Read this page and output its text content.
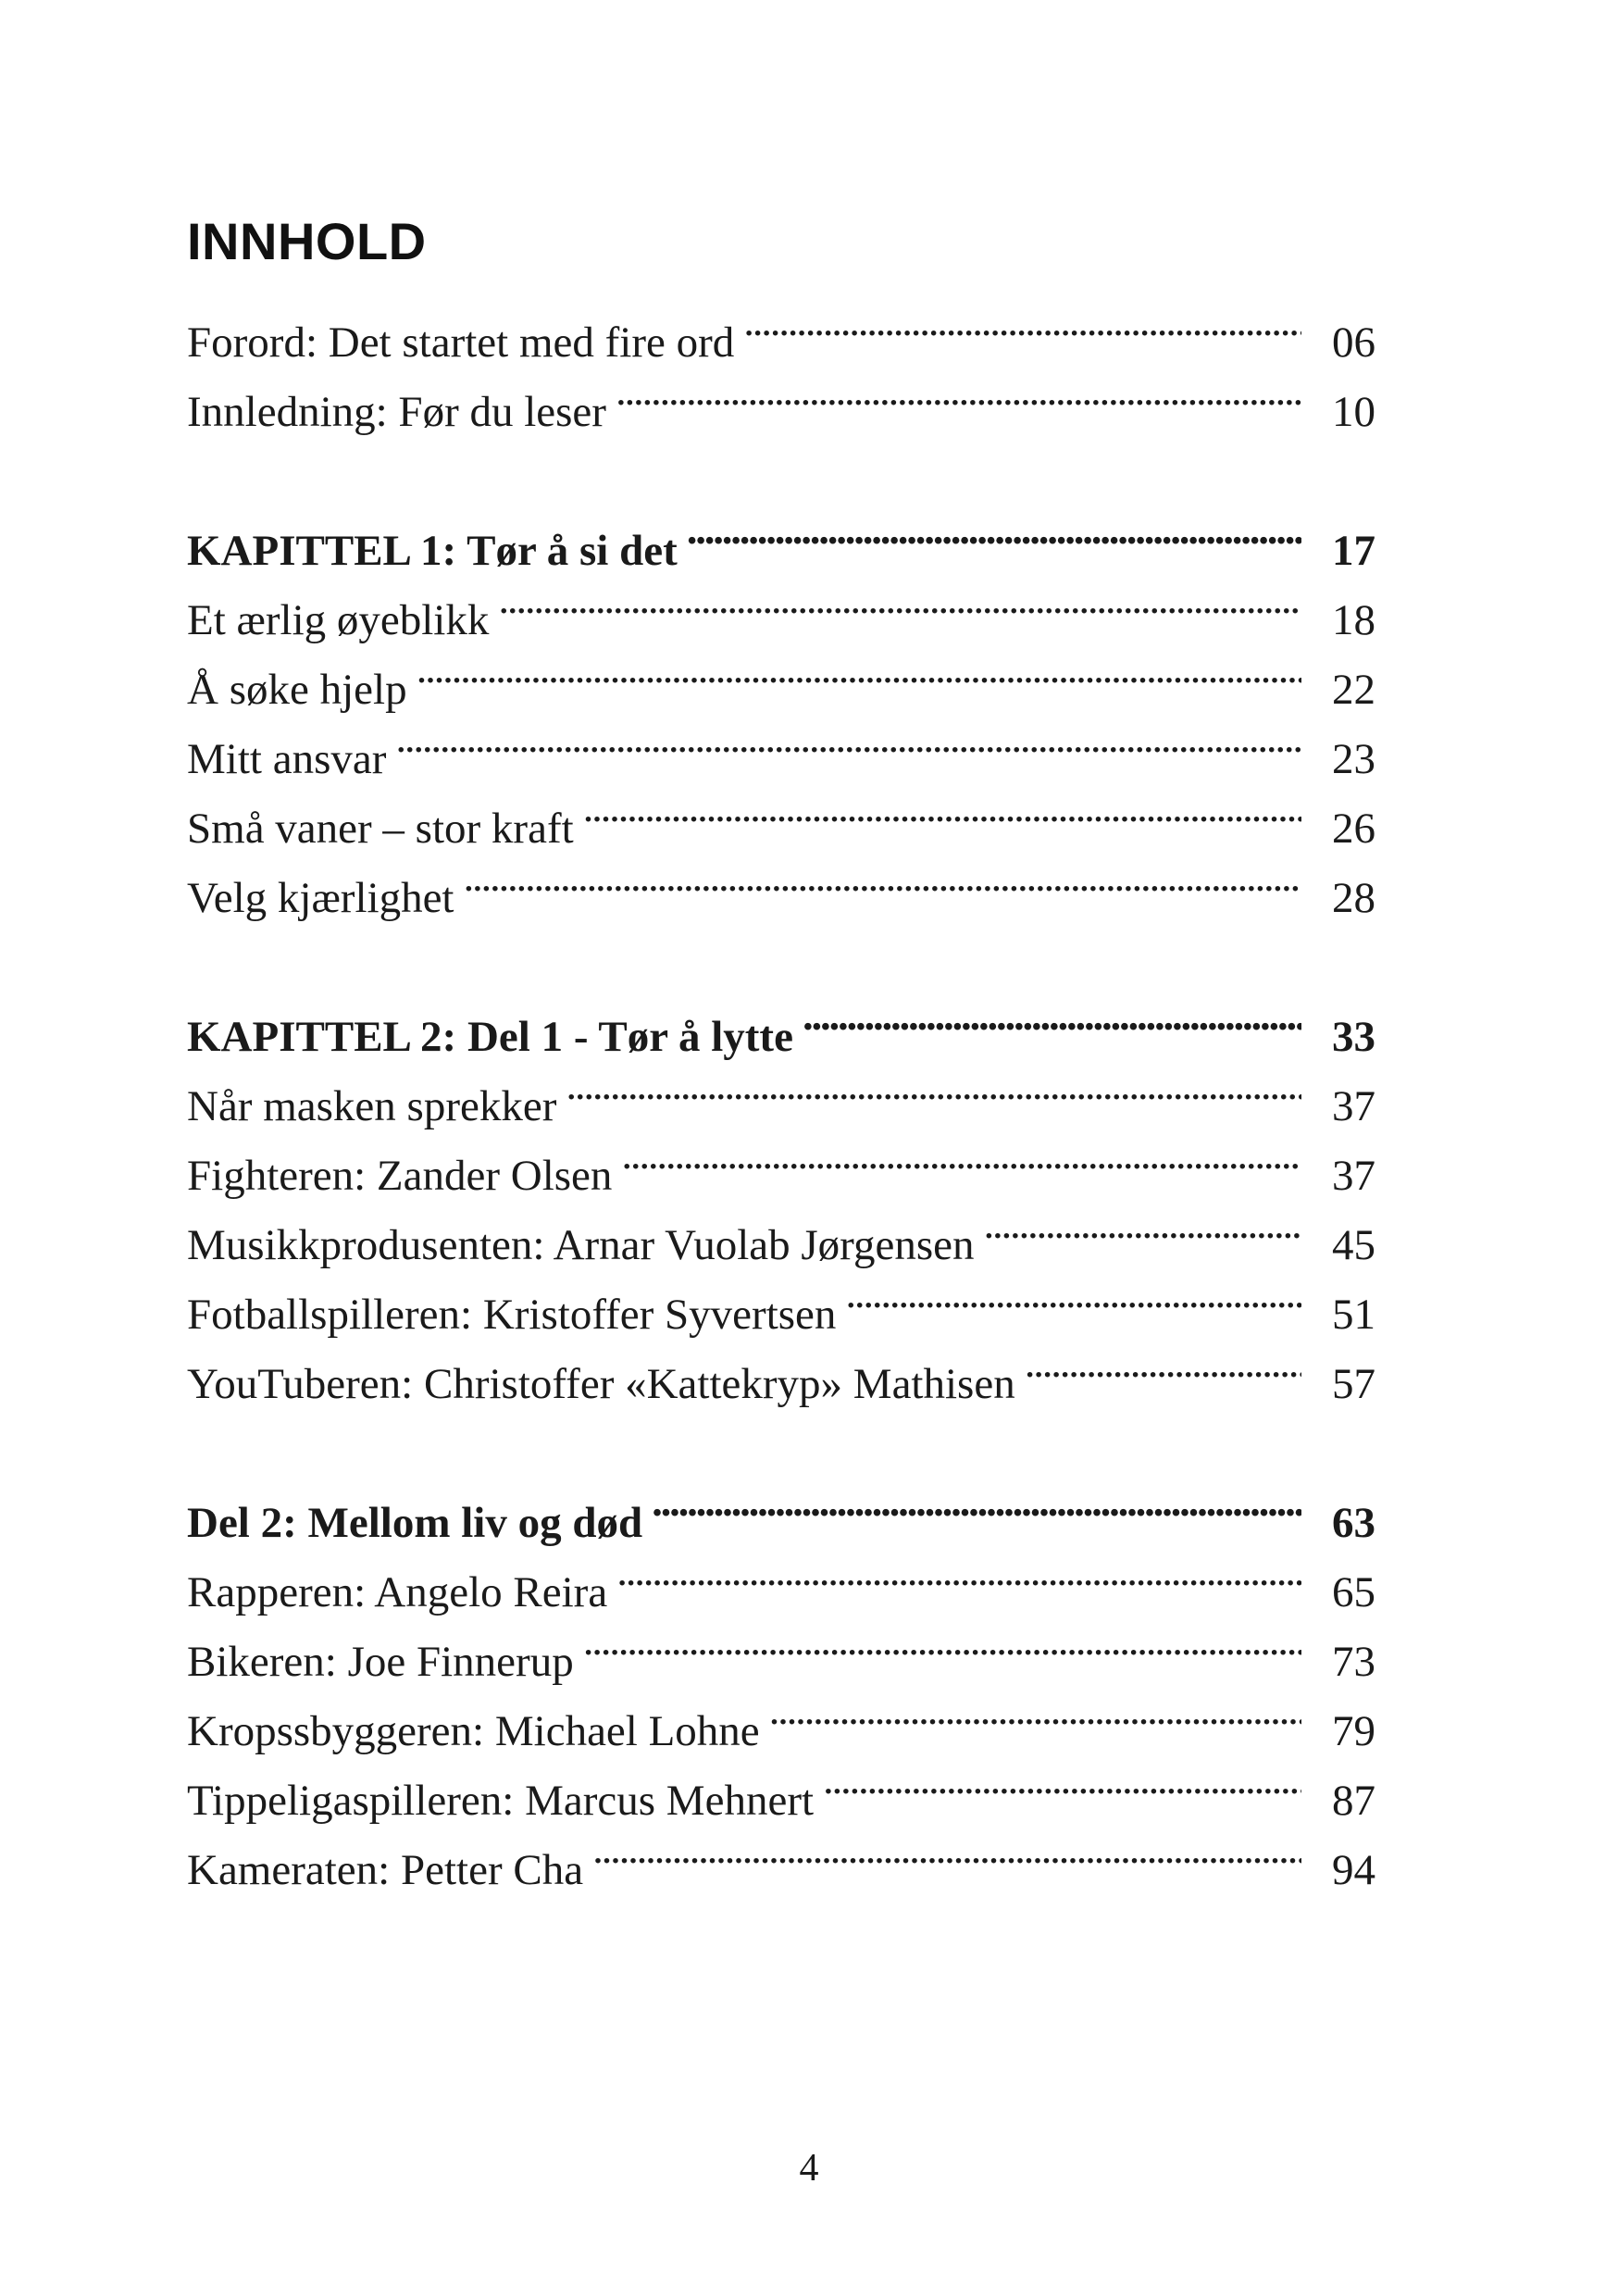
INNHOLD
Forord: Det startet med fire ord . . .	06
Innledning: Før du leser . . .	10
KAPITTEL 1: Tør å si det . . .	17
Et ærlig øyeblikk . . .	18
Å søke hjelp . . .	22
Mitt ansvar . . .	23
Små vaner – stor kraft . . .	26
Velg kjærlighet . . .	28
KAPITTEL 2: Del 1 - Tør å lytte . . .	33
Når masken sprekker . . .	37
Fighteren: Zander Olsen . . .	37
Musikkprodusenten: Arnar Vuolab Jørgensen . . .	45
Fotballspilleren: Kristoffer Syvertsen . . .	51
YouTuberen: Christoffer «Kattekryp» Mathisen . . .	57
Del 2: Mellom liv og død . . .	63
Rapperen: Angelo Reira . . .	65
Bikeren: Joe Finnerup . . .	73
Kropssbyggeren: Michael Lohne . . .	79
Tippeligaspilleren: Marcus Mehnert . . .	87
Kameraten: Petter Cha . . .	94
4
